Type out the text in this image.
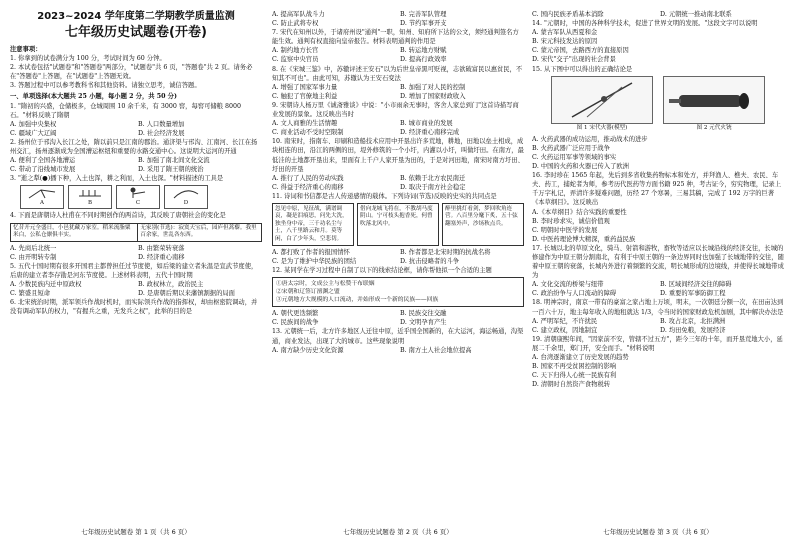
2023~2024 学年度第二学期教学质量监测
七年级历史试题卷(开卷)
注意事项：

1. 你拿到的试卷满分为 100 分，考试时间为 60 分钟。

2. 本试卷包括"试题卷"和"答题卷"两部分，"试题卷"共 6 页，"答题卷"共 2 页。请务必在"答题卷"上答题，在"试题卷"上答题无效。

3. 答题过程中可以参考教科书和其他资料。请独立思考，诚信答题。

一、单项选择(本大题共 25 小题，每小题 2 分，共 50 分)

1. "隋初的兴盛，仓储极多，仓城周围 10 余千米，有 3000 窖，每窖可储粮 8000 石。"材料反映了隋朝

A. 加强中央集权	B. 人口数量增加
C. 疆域广大辽阔	D. 社会经济发展

2. 扬州位于邗沟入长江之处，隋以前只是江南的郡治。通济渠与邗沟、江南河、长江在扬州交汇，扬州逐渐成为全国漕运枢纽和重要的水路交通中心。这说明大运河的开通

A. 便利了全国各地漕运	B. 加强了南北间文化交流
C. 带动了沿线城市发展	D. 采用了隋王朝的统治

3. "逝之犁(●)播下种，入土也浑，耕之利而，入土也深。"材料描述的工具是

A	B	C	D

4. 下面是唐朝诗人杜甫在不同时期创作的两首诗，其反映了唐朝社会的变化是

忆昔开元全盛日，小邑犹藏万家室。稻米流脂粟米白，公私仓廪俱丰实。	无家别(节选)：寂寞天宝后，园庐但蒿藜。我里百余家，世乱各东西。
A. 先商后北统一	B. 由繁荣转衰落
C. 由开明转专制	D. 经济重心南移

5. 五代十国时期有很多开国君主都曾担任过节度使，如后梁的建立者朱温是宣武节度使，后唐的建立者李存勖是河东节度使。上述材料表明，五代十国时期

A. 少数民族内迁中原政权	B. 政权林立，政治民主
C. 繁盛且短命	D. 是唐朝后期以来藩镇割据的局面

6. 北宋统治时期，派军领兵作战时机时，而实际领兵作战的指挥权，却由枢密院调动，并没有调动军队的权力，"有握兵之重，无发兵之权"，此举的目的是

A. 提高军队战斗力	B. 完善军队管理
C. 防止武将专权	D. 节约军事开支

7. 宋代在知州以外，于诸府州设"通判"一职，知州、知府所下达的公文，须经通判签名方能生效。通判有权直接向皇帝报告。材料表明通判的作用是

A. 制约地方长官	B. 转运地方财赋
C. 监察中央官员	D. 提高行政效率

8. 在《宋城三鉴》中，苏辙评述王安石"以为后世皇帝黑可贬视，志欲破富民以惠贫民，不知其不可也"。由此可知，苏辙认为王安石变法

A. 增强了国家军事力量	B. 加强了对人民的控制
C. 触犯了官僚地主利益	D. 增加了国家财政收入

9. 宋朝诗人杨万里《诚斋雅谈》中说："小市雨余无事时，客舍人家总到门"这首诗描写商业发展的景象。这反映出当时

A. 文人商雅的生活情趣	B. 城市商业的发展
C. 商业活动不受时空限制	D. 经济重心南移完成

10. 南宋时，指南车、印刷和造船技术应用中开垦出许多荒地，耕地，田地以垒土相成，成块相连的田，沿江的两侧的田，堤外修筑的一个小圩，内灌以小圩，叫做圩田。在南方，最低洼的土地都开垦出来，里面有上千户人家开垦为田的，于是对河田地，南宋时南方圩田、圩田的开垦

A. 推行了人民的劳动实践	B. 依赖于北方农民南迁
C. 得益于经济重心的南移	D. 取决于南方社会稳定

11. 诗词和书信都是古人传递感情的载体。下列诗词(节选)反映的史实的共同点是

忽见中原，见征战，满谱调哀，凝是泪痕思，问先大洗，独坐身中帝，三千功名尘与土，八千里路云和月。莫等闲，白了少年头，空悲切。
借向龙城飞将在，不教胡马度阴山。宁可枝头抱香死，何曾吹落北风中。
醉里挑灯看剑，梦回吹角连营。八百里分麾下炙，五十弦翻塞外声，沙场秋点兵。
A. 都打败了作者的报国情怀	B. 作者都是北宋时期的抗战名将
C. 是为了维护中华民族的团结	D. 抗击侵略者的斗争

12. 某同学在学习过程中自制了以下的线索结论框，请你帮他拟一个合适的主题

①唐太宗时，文成公主与松赞干布联姻

②宋朝和辽签订澶渊之盟

③元朝地方大规模的人口流动，并始形成一个新的民族——回族

A. 朝代更迭频繁	B. 民族交往交融
C. 民族间的战争	D. 文明孕育产生

13. 元朝统一后，北方许多地区人迁往中原，近乎国全国新的，在大运河，海运畅通，沟渠通，商业发达，出现了大的城市。这些现象说明

A. 南方缺少历史文化资源	B. 南方土人社会地位提高
C. 国内民族矛盾基本消除	D. 元朝统一推动南北联系

14. "元朝时，中国的各种科学技术，促进了世界文明的发展。"这段文字可以说明

A. 蒙古军队从西夏和金

B. 宋元科技发达的原因

C. 蒙元帝国，去路西方的直接原因

D. 宋代"交子"出现的社会背景

15. 从下图中可以得出的正确结论是

图 1 宋代火器(模型)	图 2 元代火铳

A. 火药武器的成功运用，推动战术的进步

B. 火药武器广泛应用于战争

C. 火药运用军事等领域的事实

D. 中国的火药和火器已传入了欧洲

16. 李时珍在 1565 年起，先后到多省收集药物标本和处方，并拜渔人、樵夫、农民、车夫、药工，捕蛇者为师，参考历代医药等方面书籍 925 种，考古证今，穷究物理，记录上千万字札记，弄清许多疑难问题，历经 27 个寒暑，三易其稿，完成了 192 万字的巨著《本草纲目》。这反映出

A.《本草纲目》结合实践的重要性

B. 李时珍求实，诚信价值观

C. 明朝时中医学的发展

D. 中医药理论博大精深，重药益民族

17. 长城以北的草原文化，骑马、射箭和游牧，畜牧等适应以长城沿线的经济交往，长城的修建作为中原王朝分割南北，有利于中原王朝的一条边界同时也加强了长城地带的交往，随着中原王朝的衰落，长城内外进行着频繁的交流，明长城形成的边境线，并使得长城地带成为

A. 文化交流的桥梁与纽带	B. 区域间经济交往的障碍
C. 政治纷争与人口流动的障碍	D. 重要的军事防御工程

18. 明神宗时，南京一带有的豪富之家占地上万顷，明末，一次朝廷分额一次，在田亩达到一百六十万，地主每年收入的地租就达 1/3，令当时的国家财政危机加剧，其中解决办法是

A. 严明军纪，不许扰民	B. 攻占北京，北拒满洲
C. 建立政权，因地制宜	D. 均田免粮，发展经济

19. 清朝康熙年间，"因家前不安，管辖不过五方"，距今三年的十年，而开垦荒地大小，延展二千余里，郑门开，安全而手。"材料说明

A. 台湾逐渐建立了历史发展的趋势

B. 国家不再受贫困控制的影响

C. 天下归得人心统一民族有利

D. 清朝时自然资产食物税转

七年级历史试题卷 第 1 页（共 6 页）	七年级历史试题卷 第 2 页（共 6 页）	七年级历史试题卷 第 3 页（共 6 页）
